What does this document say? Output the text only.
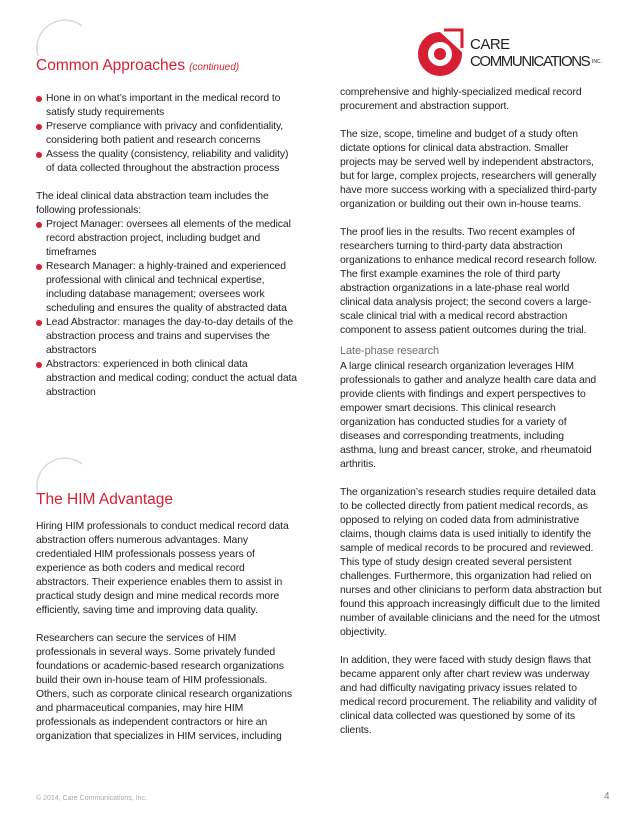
CARE
COMMUNICATIONS INC.
Common Approaches (continued)
The HIM Advantage
Hone in on what’s important in the medical record to satisfy study requirements
Preserve compliance with privacy and confidentiality, considering both patient and research concerns
Assess the quality (consistency, reliability and validity) of data collected throughout the abstraction process

The ideal clinical data abstraction team includes the following professionals:

Project Manager: oversees all elements of the medical record abstraction project, including budget and timeframes
Research Manager: a highly-trained and experienced professional with clinical and technical expertise, including database management; oversees work scheduling and ensures the quality of abstracted data
Lead Abstractor: manages the day-to-day details of the abstraction process and trains and supervises the abstractors
Abstractors: experienced in both clinical data abstraction and medical coding; conduct the actual data abstraction

Hiring HIM professionals to conduct medical record data abstraction offers numerous advantages. Many credentialed HIM professionals possess years of experience as both coders and medical record abstractors. Their experience enables them to assist in practical study design and mine medical records more efficiently, saving time and improving data quality.

Researchers can secure the services of HIM professionals in several ways. Some privately funded foundations or academic-based research organizations build their own in-house team of HIM professionals. Others, such as corporate clinical research organizations and pharmaceutical companies, may hire HIM professionals as independent contractors or hire an organization that specializes in HIM services, including

comprehensive and highly-specialized medical record procurement and abstraction support.

The size, scope, timeline and budget of a study often dictate options for clinical data abstraction. Smaller projects may be served well by independent abstractors, but for large, complex projects, researchers will generally have more success working with a specialized third-party organization or building out their own in-house teams.

The proof lies in the results. Two recent examples of researchers turning to third-party data abstraction organizations to enhance medical record research follow. The first example examines the role of third party abstraction organizations in a late-phase real world clinical data analysis project; the second covers a large-scale clinical trial with a medical record abstraction component to assess patient outcomes during the trial.

Late-phase research

A large clinical research organization leverages HIM professionals to gather and analyze health care data and provide clients with findings and expert perspectives to empower smart decisions. This clinical research organization has conducted studies for a variety of diseases and corresponding treatments, including asthma, lung and breast cancer, stroke, and rheumatoid arthritis.

The organization’s research studies require detailed data to be collected directly from patient medical records, as opposed to relying on coded data from administrative claims, though claims data is used initially to identify the sample of medical records to be procured and reviewed. This type of study design created several persistent challenges. Furthermore, this organization had relied on nurses and other clinicians to perform data abstraction but found this approach increasingly difficult due to the limited number of available clinicians and the need for the utmost objectivity.

In addition, they were faced with study design flaws that became apparent only after chart review was underway and had difficulty navigating privacy issues related to medical record procurement. The reliability and validity of clinical data collected was questioned by some of its clients.

© 2014, Care Communications, Inc.	4
